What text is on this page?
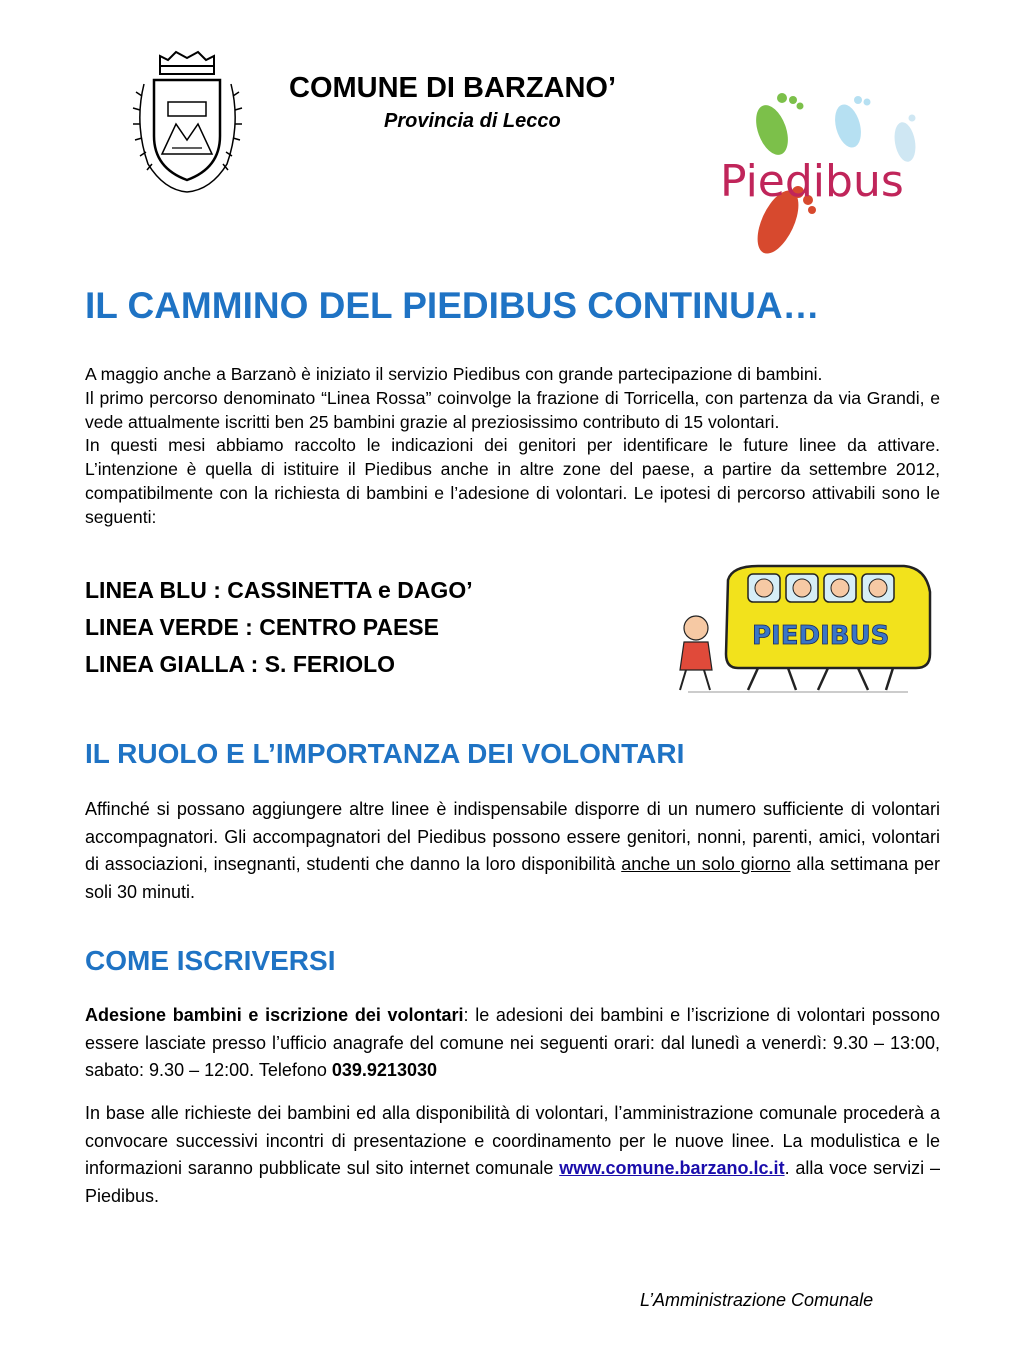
COMUNE DI BARZANO’
Provincia di Lecco
Piedibus
IL CAMMINO DEL PIEDIBUS CONTINUA…
A maggio anche a Barzanò è iniziato il servizio Piedibus con grande partecipazione di bambini.
Il primo percorso denominato “Linea Rossa” coinvolge la frazione di Torricella, con partenza da via Grandi, e vede attualmente iscritti ben 25 bambini grazie al preziosissimo contributo di 15 volontari.
In questi mesi abbiamo raccolto le indicazioni dei genitori per identificare le future linee da attivare. L’intenzione è quella di istituire il Piedibus anche in altre zone del paese, a partire da settembre 2012, compatibilmente con la richiesta di bambini e l’adesione di volontari. Le ipotesi di percorso attivabili sono le seguenti:
LINEA BLU : CASSINETTA e DAGO’
LINEA VERDE : CENTRO PAESE
LINEA GIALLA : S. FERIOLO
PIEDIBUS
IL RUOLO E L’IMPORTANZA DEI VOLONTARI
Affinché si possano aggiungere altre linee è indispensabile disporre di un numero sufficiente di volontari accompagnatori. Gli accompagnatori del Piedibus possono essere genitori, nonni, parenti, amici, volontari di associazioni, insegnanti, studenti che danno la loro disponibilità anche un solo giorno alla settimana per soli 30 minuti.
COME ISCRIVERSI
Adesione bambini e iscrizione dei volontari: le adesioni dei bambini e l’iscrizione di volontari possono essere lasciate presso l’ufficio anagrafe del comune nei seguenti orari: dal lunedì a venerdì: 9.30 – 13:00, sabato: 9.30 – 12:00. Telefono 039.9213030
In base alle richieste dei bambini ed alla disponibilità di volontari, l’amministrazione comunale procederà a convocare successivi incontri di presentazione e coordinamento per le nuove linee. La modulistica e le informazioni saranno pubblicate sul sito internet comunale www.comune.barzano.lc.it. alla voce servizi – Piedibus.
L’Amministrazione Comunale
